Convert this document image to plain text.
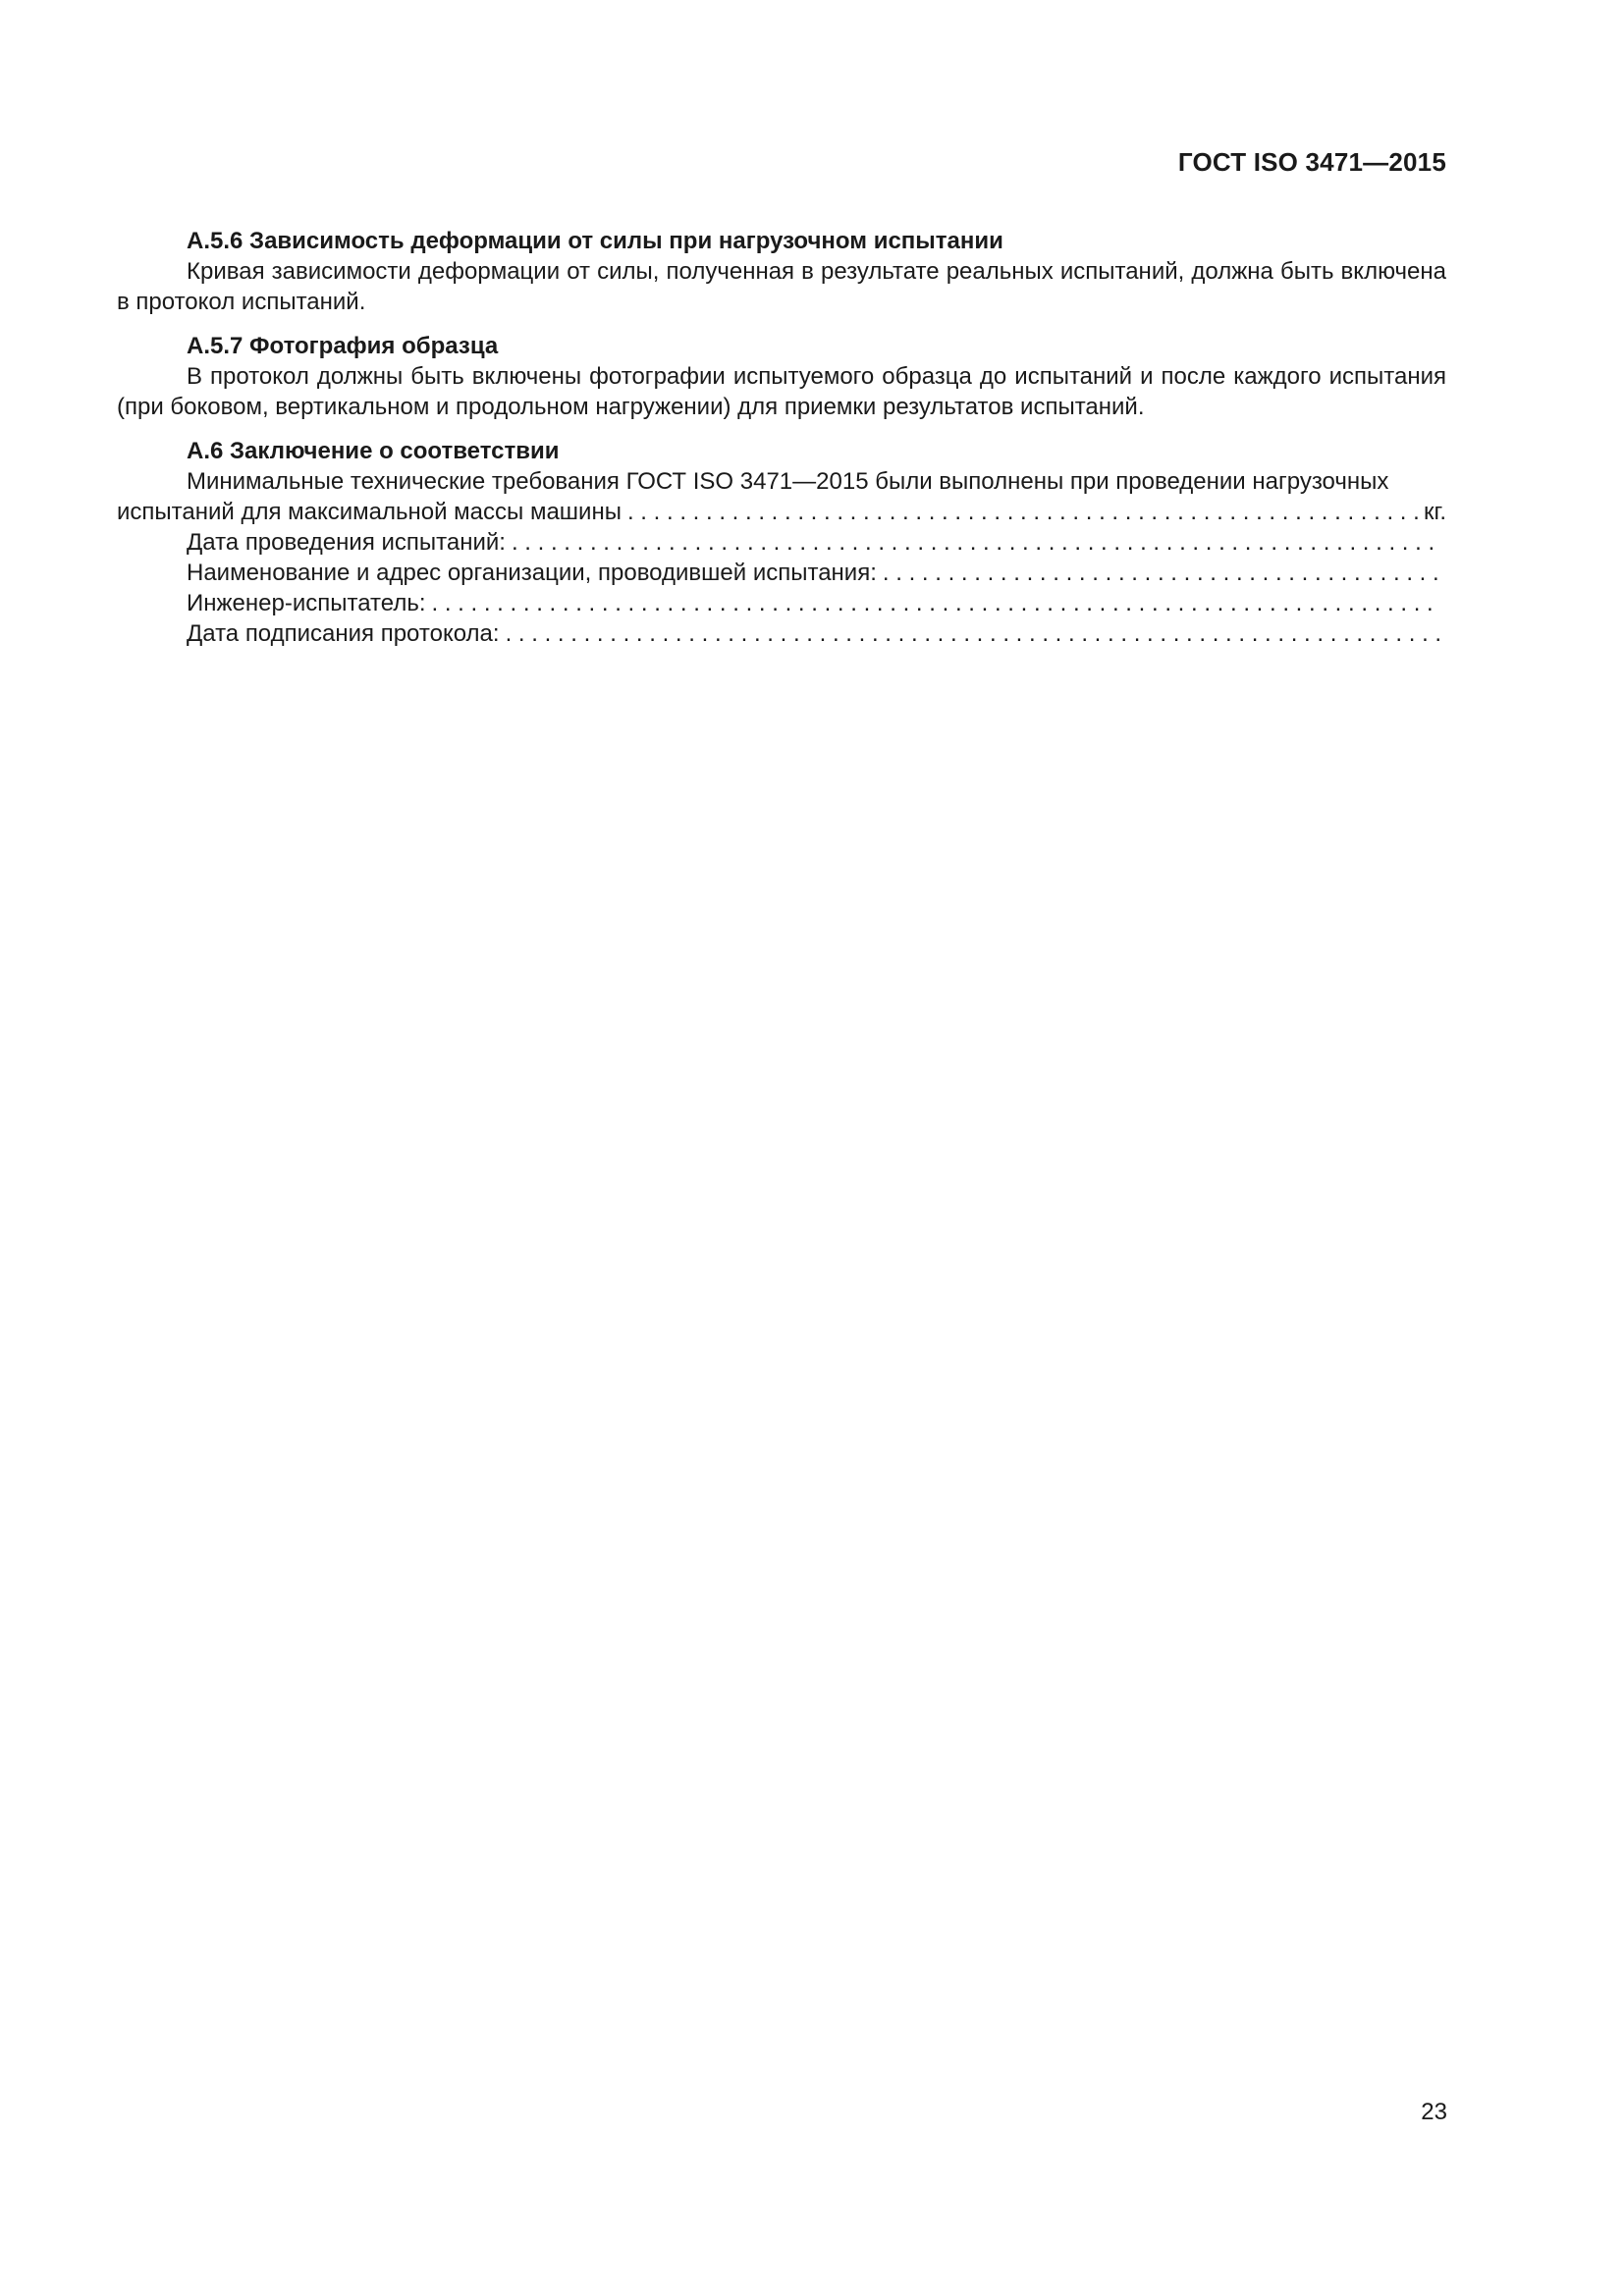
ГОСТ ISO 3471—2015

А.5.6 Зависимость деформации от силы при нагрузочном испытании

Кривая зависимости деформации от силы, полученная в результате реальных испытаний, должна быть включена в протокол испытаний.

А.5.7 Фотография образца

В протокол должны быть включены фотографии испытуемого образца до испытаний и после каждого испытания (при боковом, вертикальном и продольном нагружении) для приемки результатов испытаний.

А.6 Заключение о соответствии

Минимальные технические требования ГОСТ ISO 3471—2015 были выполнены при проведении нагрузочных

испытаний для максимальной массы машины
. . .	кг.
Дата проведения испытаний:
. . .
Наименование и адрес организации, проводившей испытания:
. . .
Инженер-испытатель:
. . .
Дата подписания протокола:
. . .
23
